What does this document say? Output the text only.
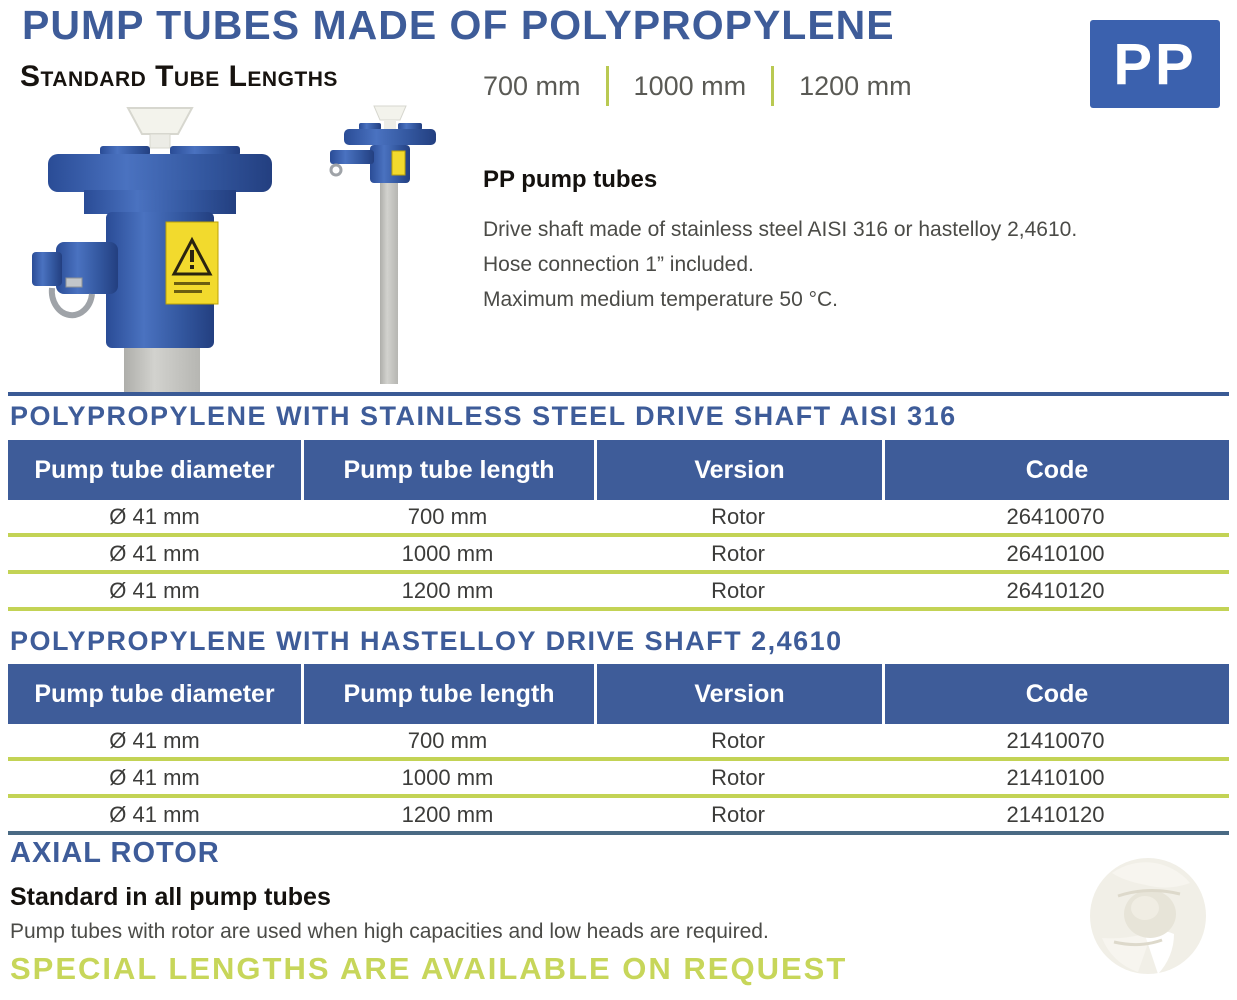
PUMP TUBES MADE OF POLYPROPYLENE
PP
Standard Tube Lengths	700 mm 1000 mm 1200 mm
PP pump tubes
Drive shaft made of stainless steel AISI 316 or hastelloy 2,4610.
Hose connection 1” included.
Maximum medium temperature 50 °C.
POLYPROPYLENE WITH STAINLESS STEEL DRIVE SHAFT AISI 316
Pump tube diameter	Pump tube length	Version	Code
Ø 41 mm	700 mm	Rotor	26410070
Ø 41 mm	1000 mm	Rotor	26410100
Ø 41 mm	1200 mm	Rotor	26410120
POLYPROPYLENE WITH HASTELLOY DRIVE SHAFT 2,4610
Pump tube diameter	Pump tube length	Version	Code
Ø 41 mm	700 mm	Rotor	21410070
Ø 41 mm	1000 mm	Rotor	21410100
Ø 41 mm	1200 mm	Rotor	21410120
AXIAL ROTOR
Standard in all pump tubes
Pump tubes with rotor are used when high capacities and low heads are required.
SPECIAL LENGTHS ARE AVAILABLE ON REQUEST
